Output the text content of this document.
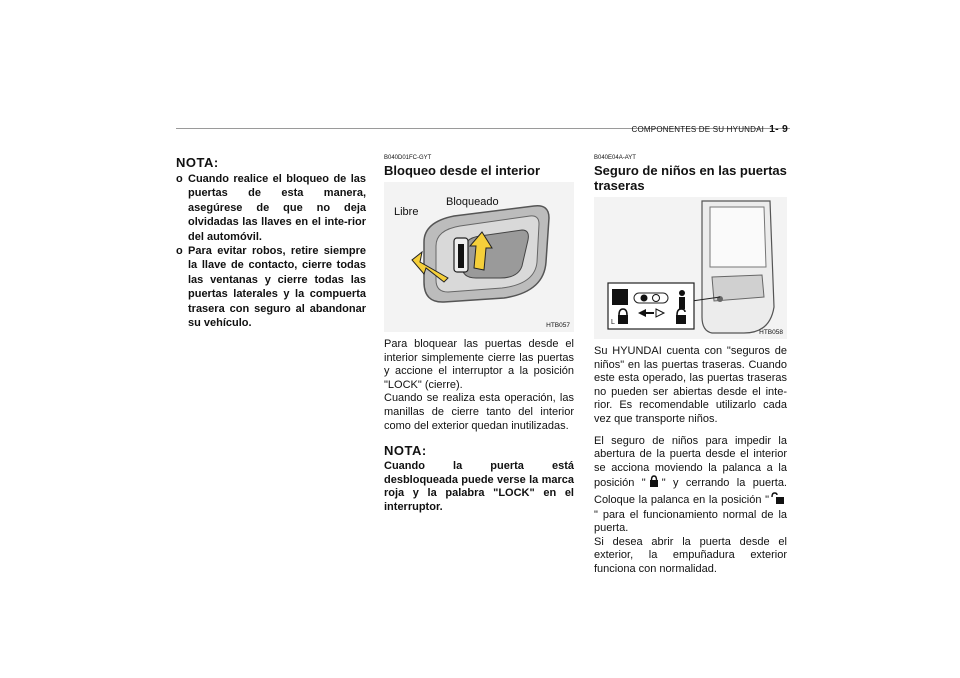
COMPONENTES DE SU HYUNDAI 1- 9

NOTA:

o Cuando realice el bloqueo de las puertas de esta manera, asegúrese de que no deja olvidadas las llaves en el inte-rior del automóvil.
o Para evitar robos, retire siempre la llave de contacto, cierre todas las ventanas y cierre todas las puertas laterales y la compuerta trasera con seguro al abandonar su vehículo.

B040D01FC-GYT

Bloqueo desde el interior

Libre
Bloqueado
HTB057

Para bloquear las puertas desde el interior simplemente cierre las puertas y accione el interruptor a la posición "LOCK" (cierre).

Cuando se realiza esta operación, las manillas de cierre tanto del interior como del exterior quedan inutilizadas.

NOTA:

Cuando la puerta está desbloqueada puede verse la marca roja y la palabra "LOCK" en el interruptor.

B040E04A-AYT

Seguro de niños en las puertas traseras

L
HTB058

Su HYUNDAI cuenta con "seguros de niños" en las puertas traseras. Cuando este esta operado, las puertas traseras no pueden ser abiertas desde el inte-rior. Es recomendable utilizarlo cada vez que transporte niños.

El seguro de niños para impedir la abertura de la puerta desde el interior se acciona moviendo la palanca a la posición " " y cerrando la puerta. Coloque la palanca en la posición "" para el funcionamiento normal de la puerta.

Si desea abrir la puerta desde el exterior, la empuñadura exterior funciona con normalidad.
